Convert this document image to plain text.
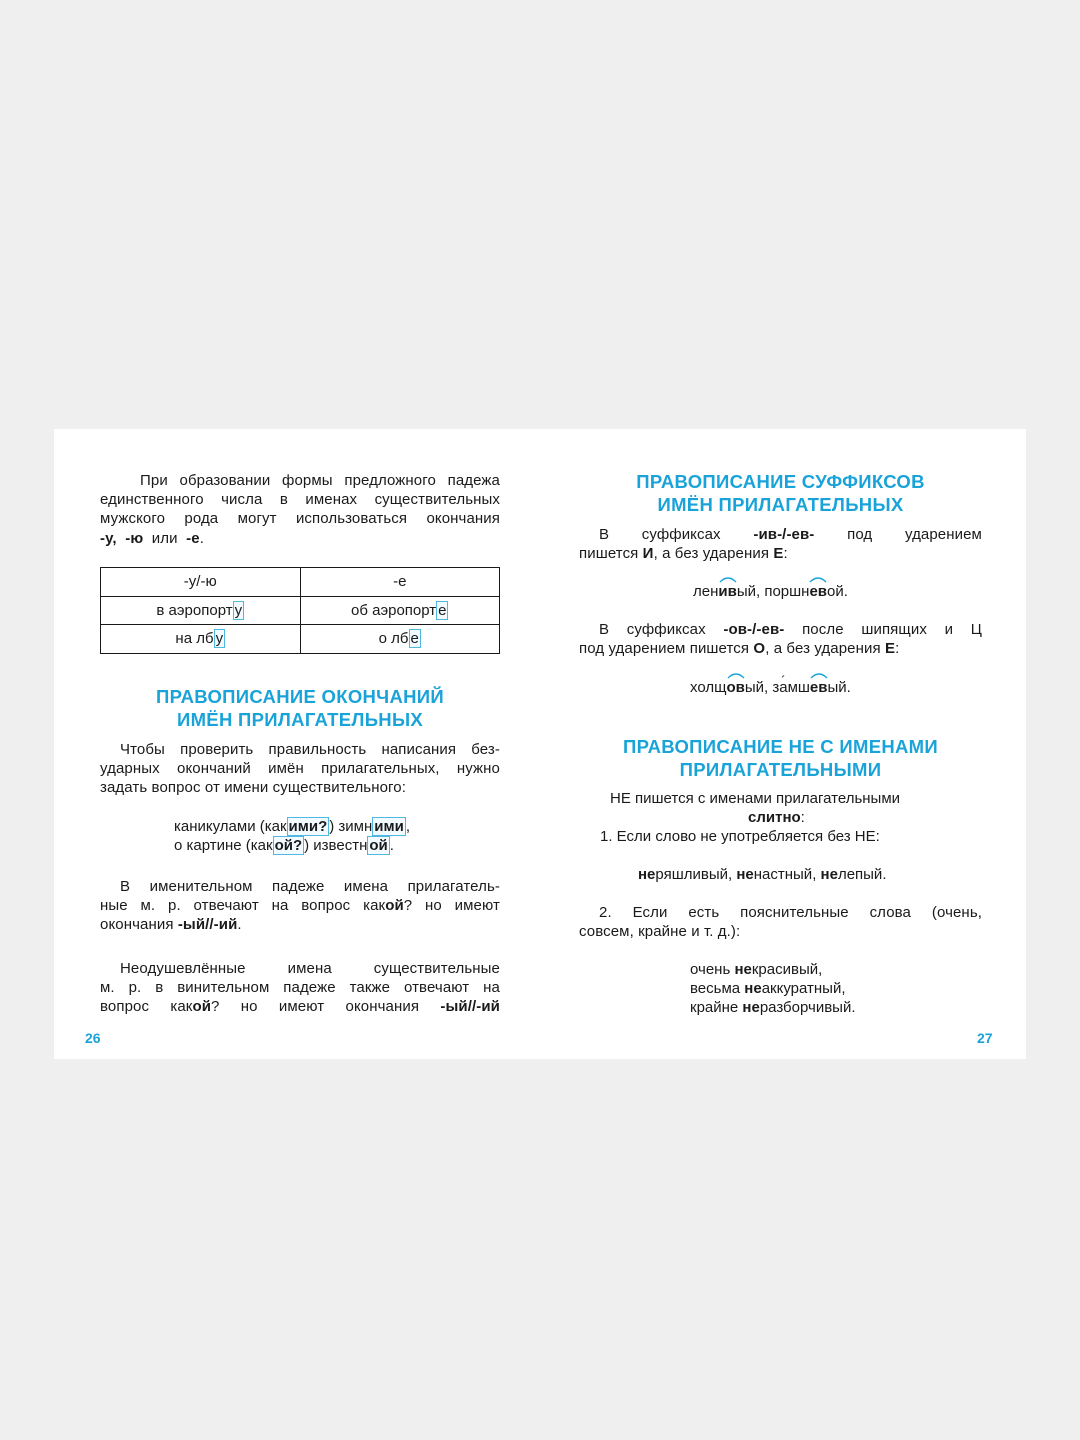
При образовании формы предложного падежа
единственного числа в именах существительных
мужского рода могут использоваться окончания
-у, -ю или -е.
-у/-ю	-е
в аэропорт у	об аэропорт е
на лб у	о лб е
ПРАВОПИСАНИЕ ОКОНЧАНИЙ
ИМЁН ПРИЛАГАТЕЛЬНЫХ
Чтобы проверить правильность написания без-
ударных окончаний имён прилагательных, нужно
задать вопрос от имени существительного:
каникулами (как ими? ) зимн ими ,
о картине (как ой? ) известн ой .
В именительном падеже имена прилагатель-
ные м. р. отвечают на вопрос какой? но имеют
окончания -ый//-ий.
Неодушевлённые имена существительные
м. р. в винительном падеже также отвечают на
вопрос какой? но имеют окончания -ый//-ий
26
ПРАВОПИСАНИЕ СУФФИКСОВ
ИМЁН ПРИЛАГАТЕЛЬНЫХ
В суффиксах -ив-/-ев- под ударением
пишется И, а без ударения Е:
ленив
ый, поршнев
ой.
В суффиксах -ов-/-ев- после шипящих и Ц
под ударением пишется О, а без ударения Е:
холщов
ый, з´ амшев
ый.
ПРАВОПИСАНИЕ НЕ С ИМЕНАМИ
ПРИЛАГАТЕЛЬНЫМИ
НЕ пишется с именами прилагательными
слитно:
1. Если слово не употребляется без НЕ:
неряшливый, ненастный, нелепый.
2. Если есть пояснительные слова (очень,
совсем, крайне и т. д.):
очень некрасивый,
весьма неаккуратный,
крайне неразборчивый.
27
